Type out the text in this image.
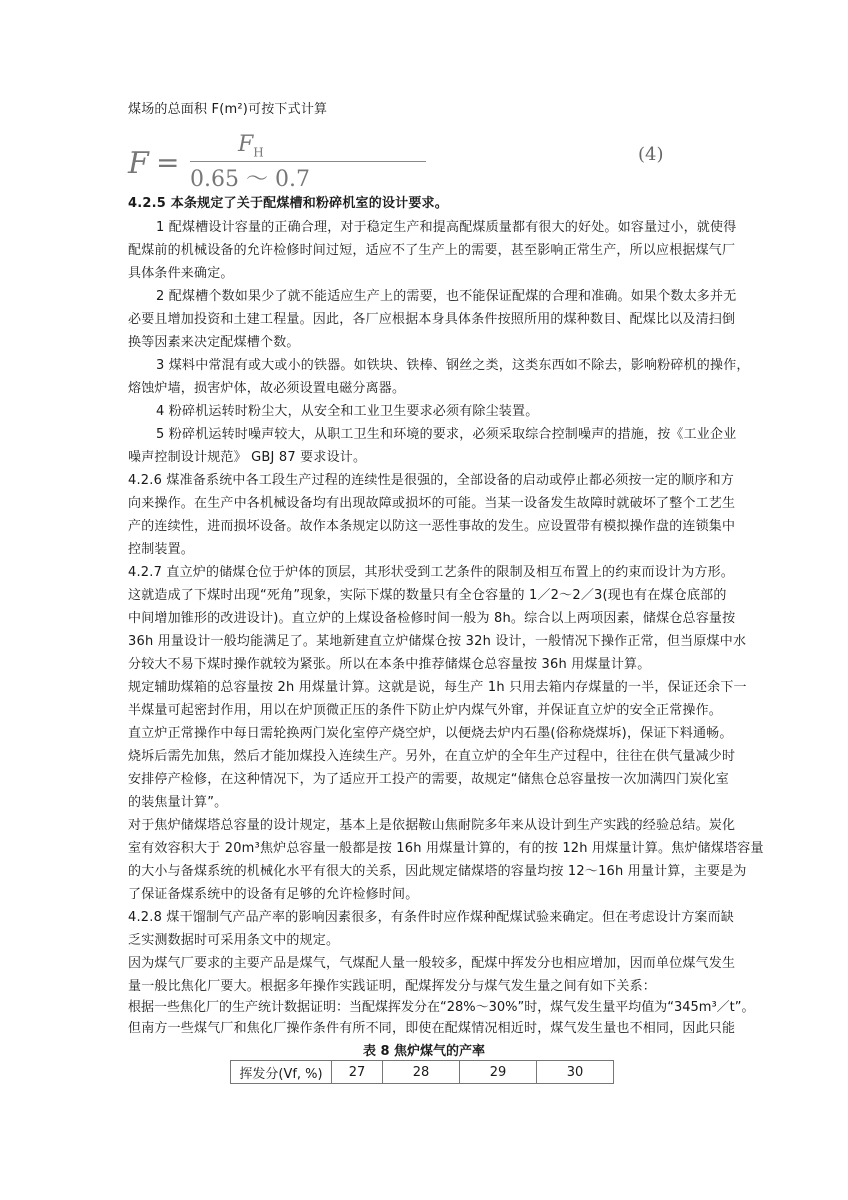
煤场的总面积 F(m²)可按下式计算
F =
$F_H$
0.65 ～ 0.7
(4)
4.2.5 本条规定了关于配煤槽和粉碎机室的设计要求。
1 配煤槽设计容量的正确合理，对于稳定生产和提高配煤质量都有很大的好处。如容量过小，就使得
配煤前的机械设备的允许检修时间过短，适应不了生产上的需要，甚至影响正常生产，所以应根据煤气厂
具体条件来确定。
2 配煤槽个数如果少了就不能适应生产上的需要，也不能保证配煤的合理和准确。如果个数太多并无
必要且增加投资和土建工程量。因此，各厂应根据本身具体条件按照所用的煤种数目、配煤比以及清扫倒
换等因素来决定配煤槽个数。
3 煤料中常混有或大或小的铁器。如铁块、铁棒、钢丝之类，这类东西如不除去，影响粉碎机的操作，
熔蚀炉墙，损害炉体，故必须设置电磁分离器。
4 粉碎机运转时粉尘大，从安全和工业卫生要求必须有除尘装置。
5 粉碎机运转时噪声较大，从职工卫生和环境的要求，必须采取综合控制噪声的措施，按《工业企业
噪声控制设计规范》 GBJ 87 要求设计。
4.2.6 煤准备系统中各工段生产过程的连续性是很强的，全部设备的启动或停止都必须按一定的顺序和方
向来操作。在生产中各机械设备均有出现故障或损坏的可能。当某一设备发生故障时就破坏了整个工艺生
产的连续性，进而损坏设备。故作本条规定以防这一恶性事故的发生。应设置带有模拟操作盘的连锁集中
控制装置。
4.2.7 直立炉的储煤仓位于炉体的顶层，其形状受到工艺条件的限制及相互布置上的约束而设计为方形。
这就造成了下煤时出现“死角”现象，实际下煤的数量只有全仓容量的 1／2～2／3(现也有在煤仓底部的
中间增加锥形的改进设计)。直立炉的上煤设备检修时间一般为 8h。综合以上两项因素，储煤仓总容量按
36h 用量设计一般均能满足了。某地新建直立炉储煤仓按 32h 设计，一般情况下操作正常，但当原煤中水
分较大不易下煤时操作就较为紧张。所以在本条中推荐储煤仓总容量按 36h 用煤量计算。
规定辅助煤箱的总容量按 2h 用煤量计算。这就是说，每生产 1h 只用去箱内存煤量的一半，保证还余下一
半煤量可起密封作用，用以在炉顶微正压的条件下防止炉内煤气外窜，并保证直立炉的安全正常操作。
直立炉正常操作中每日需轮换两门炭化室停产烧空炉，以便烧去炉内石墨(俗称烧煤坼)，保证下料通畅。
烧坼后需先加焦，然后才能加煤投入连续生产。另外，在直立炉的全年生产过程中，往往在供气量减少时
安排停产检修，在这种情况下，为了适应开工投产的需要，故规定“储焦仓总容量按一次加满四门炭化室
的装焦量计算”。
对于焦炉储煤塔总容量的设计规定，基本上是依据鞍山焦耐院多年来从设计到生产实践的经验总结。炭化
室有效容积大于 20m³焦炉总容量一般都是按 16h 用煤量计算的，有的按 12h 用煤量计算。焦炉储煤塔容量
的大小与备煤系统的机械化水平有很大的关系，因此规定储煤塔的容量均按 12～16h 用量计算，主要是为
了保证备煤系统中的设备有足够的允许检修时间。
4.2.8 煤干馏制气产品产率的影响因素很多，有条件时应作煤种配煤试验来确定。但在考虑设计方案而缺
乏实测数据时可采用条文中的规定。
因为煤气厂要求的主要产品是煤气，气煤配人量一般较多，配煤中挥发分也相应增加，因而单位煤气发生
量一般比焦化厂要大。根据多年操作实践证明，配煤挥发分与煤气发生量之间有如下关系：
根据一些焦化厂的生产统计数据证明：当配煤挥发分在“28%～30%”时，煤气发生量平均值为“345m³／t”。
但南方一些煤气厂和焦化厂操作条件有所不同，即使在配煤情况相近时，煤气发生量也不相同，因此只能
表 8 焦炉煤气的产率
挥发分(Vf, %)	27	28	29	30
